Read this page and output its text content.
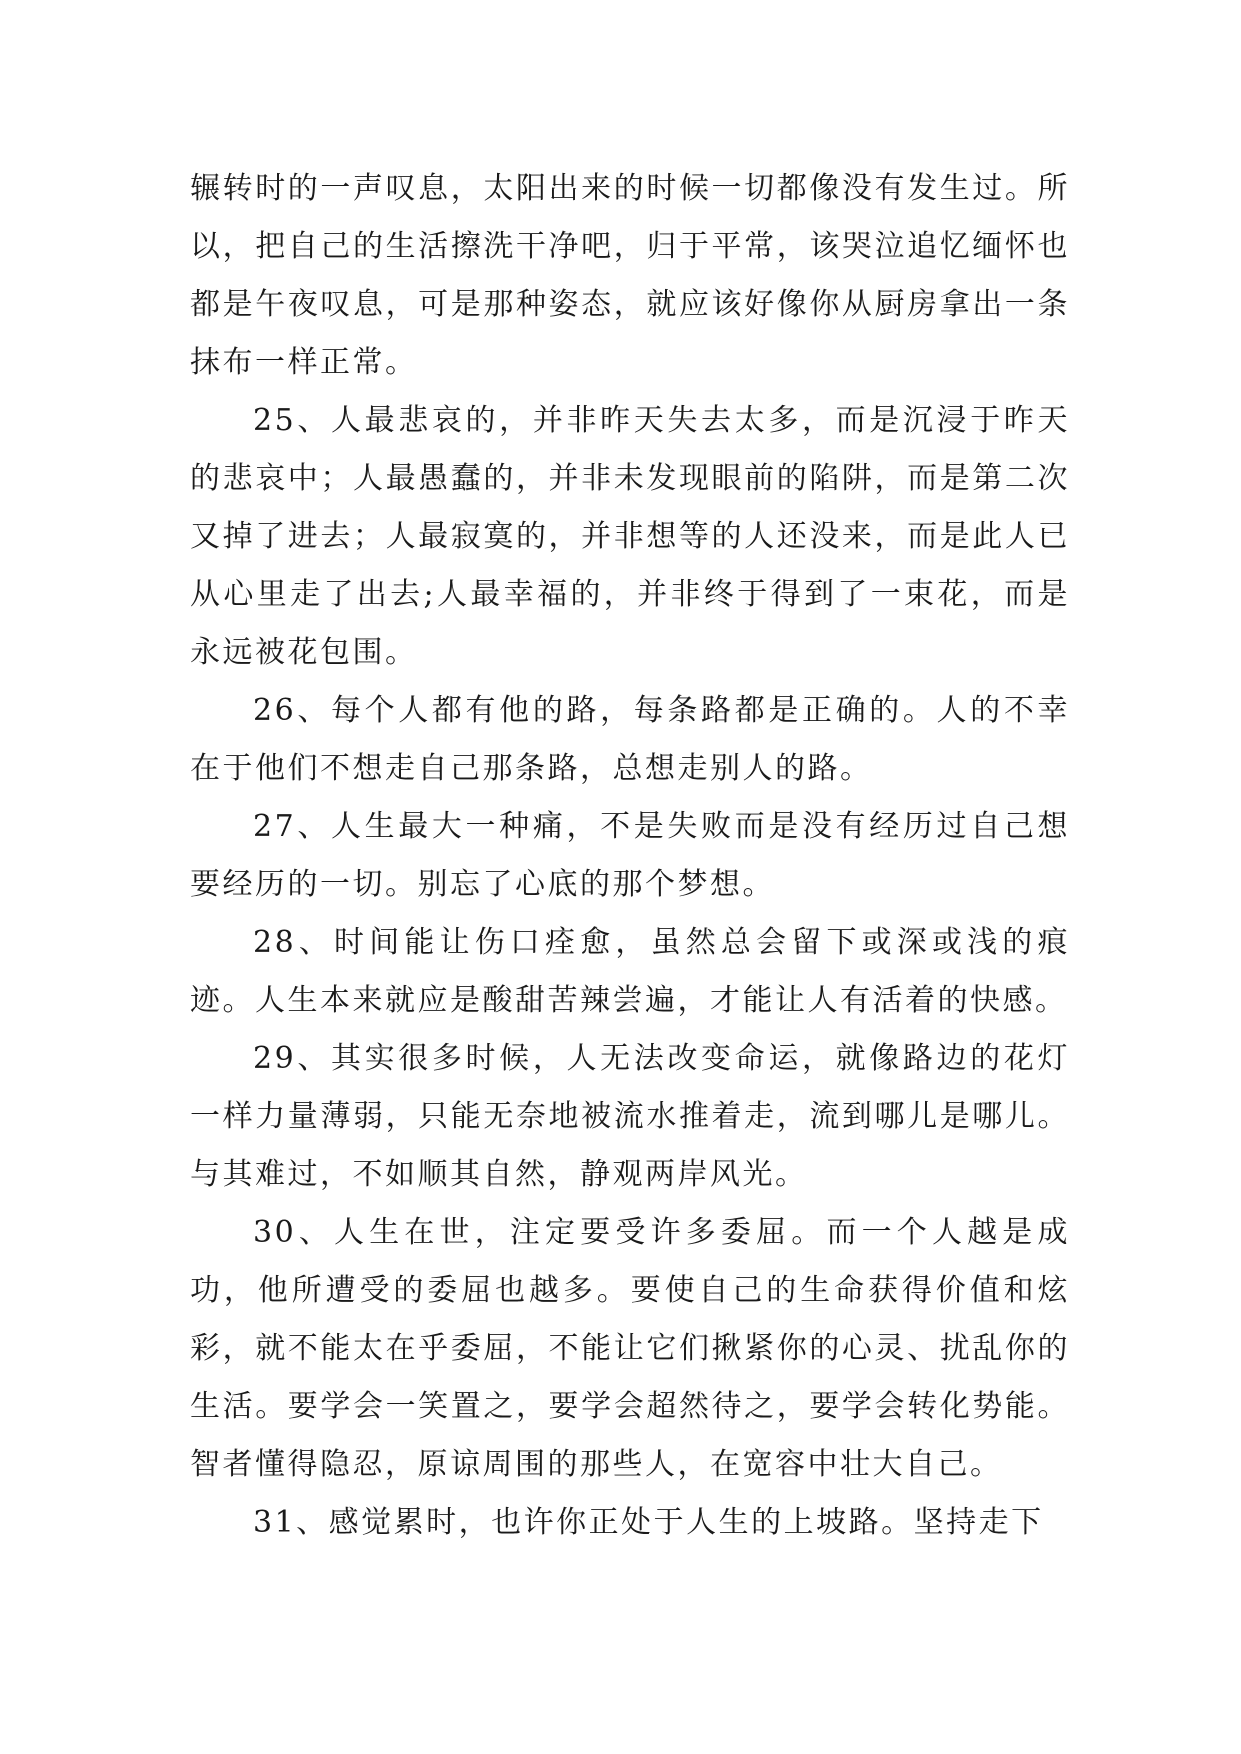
辗转时的一声叹息，太阳出来的时候一切都像没有发生过。所以，把自己的生活擦洗干净吧，归于平常，该哭泣追忆缅怀也都是午夜叹息，可是那种姿态，就应该好像你从厨房拿出一条抹布一样正常。

25、人最悲哀的，并非昨天失去太多，而是沉浸于昨天的悲哀中；人最愚蠢的，并非未发现眼前的陷阱，而是第二次又掉了进去；人最寂寞的，并非想等的人还没来，而是此人已从心里走了出去;人最幸福的，并非终于得到了一束花，而是永远被花包围。

26、每个人都有他的路，每条路都是正确的。人的不幸在于他们不想走自己那条路，总想走别人的路。

27、人生最大一种痛，不是失败而是没有经历过自己想要经历的一切。别忘了心底的那个梦想。

28、时间能让伤口痊愈，虽然总会留下或深或浅的痕迹。人生本来就应是酸甜苦辣尝遍，才能让人有活着的快感。

29、其实很多时候，人无法改变命运，就像路边的花灯一样力量薄弱，只能无奈地被流水推着走，流到哪儿是哪儿。与其难过，不如顺其自然，静观两岸风光。

30、人生在世，注定要受许多委屈。而一个人越是成功，他所遭受的委屈也越多。要使自己的生命获得价值和炫彩，就不能太在乎委屈，不能让它们揪紧你的心灵、扰乱你的生活。要学会一笑置之，要学会超然待之，要学会转化势能。智者懂得隐忍，原谅周围的那些人，在宽容中壮大自己。

31、感觉累时，也许你正处于人生的上坡路。坚持走下
